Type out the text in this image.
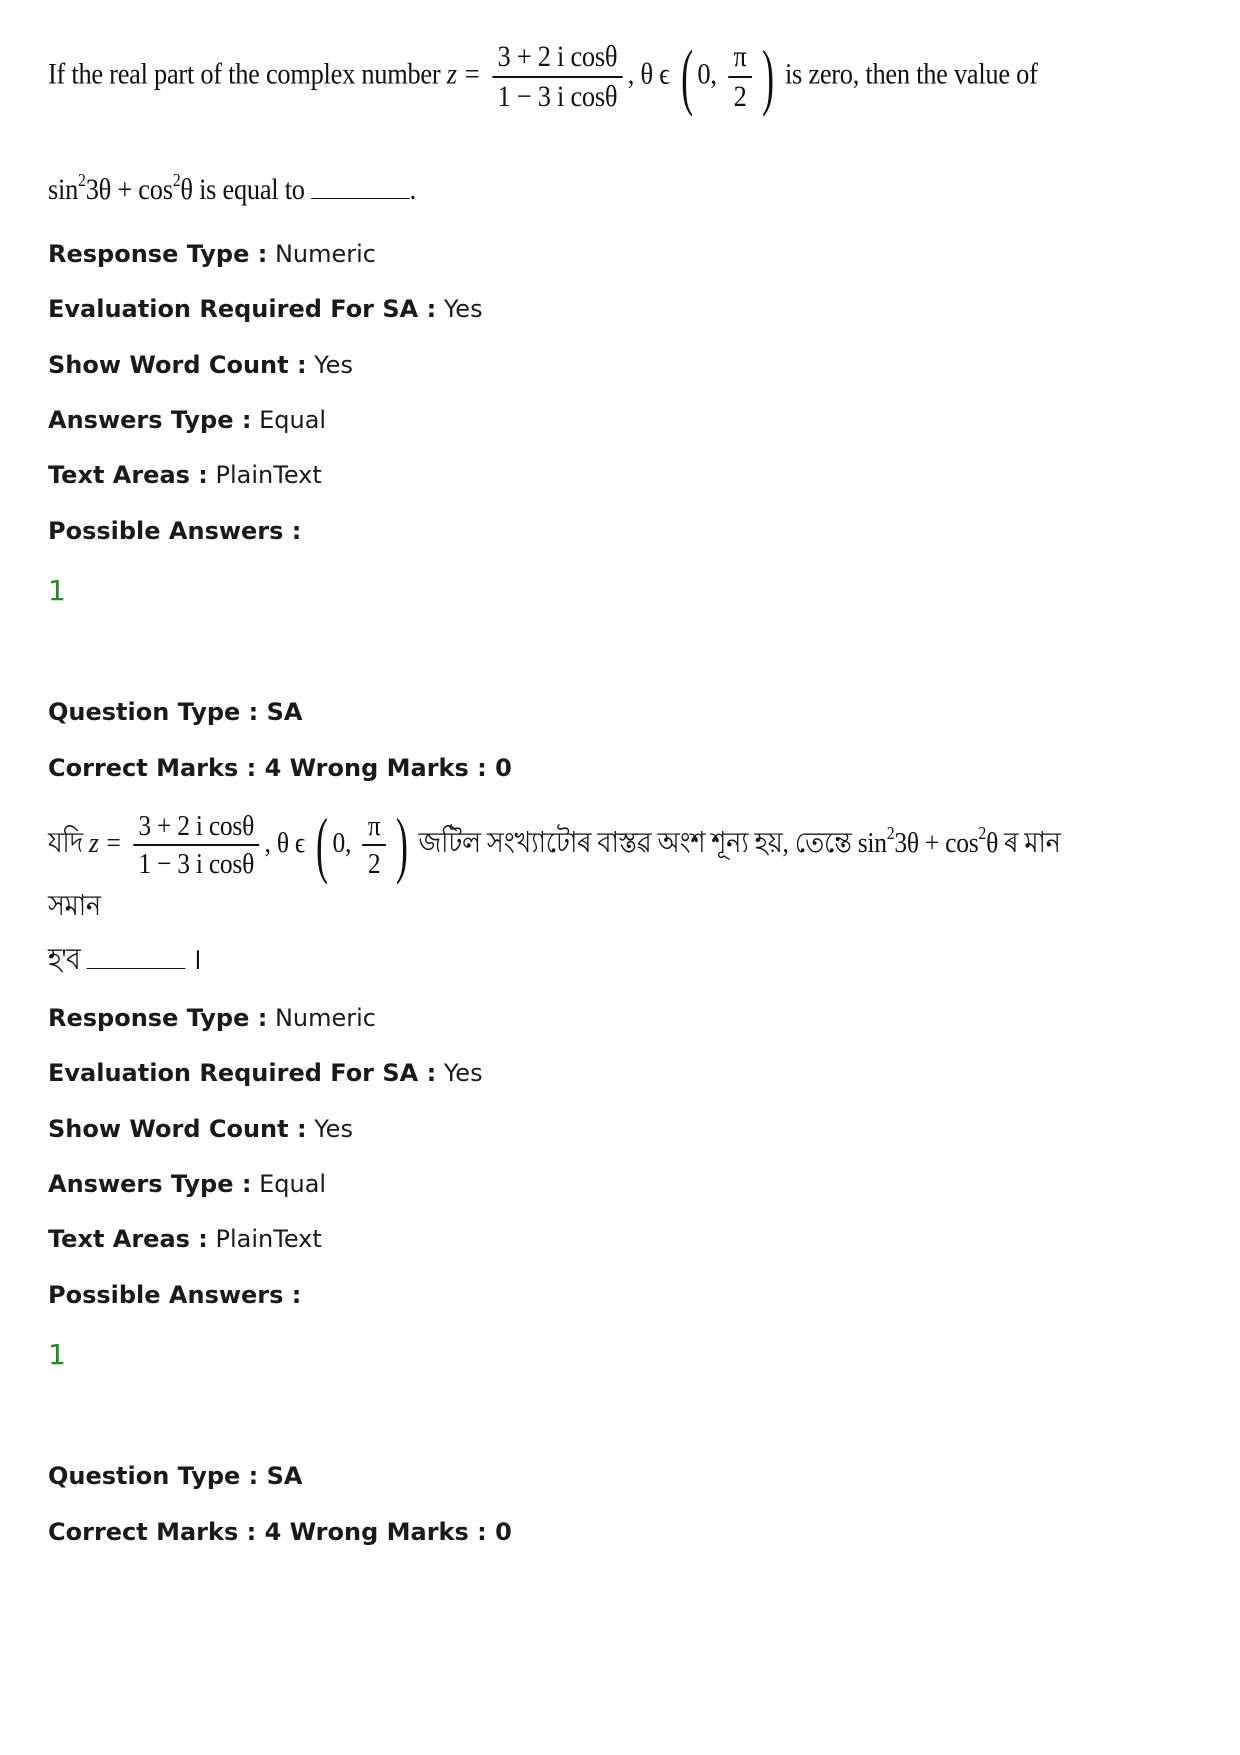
If the real part of the complex number $z = \frac{\text{3 + 2 i cosθ}}{\text{1 − 3 i cosθ}}$ , θ ϵ ( 0, $\frac{\pi}{2}$ ) is zero, then the value of
$\sin^23\theta + \cos^2\theta$ is equal to	.
Response Type : Numeric
Evaluation Required For SA : Yes
Show Word Count : Yes
Answers Type : Equal
Text Areas : PlainText
Possible Answers :
1
Question Type : SA
Correct Marks : 4 Wrong Marks : 0
যদি $z = \frac{\text{3 + 2 i cosθ}}{\text{1 − 3 i cosθ}}$ , θ ϵ ( 0, $\frac{\pi}{2}$ ) জটিল সংখ্যাটোৰ বাস্তৱ অংশ শূন্য হয়, তেন্তে $\sin^23\theta + \cos^2\theta$ ৰ মান সমান
হ'ব	।
Response Type : Numeric
Evaluation Required For SA : Yes
Show Word Count : Yes
Answers Type : Equal
Text Areas : PlainText
Possible Answers :
1
Question Type : SA
Correct Marks : 4 Wrong Marks : 0
